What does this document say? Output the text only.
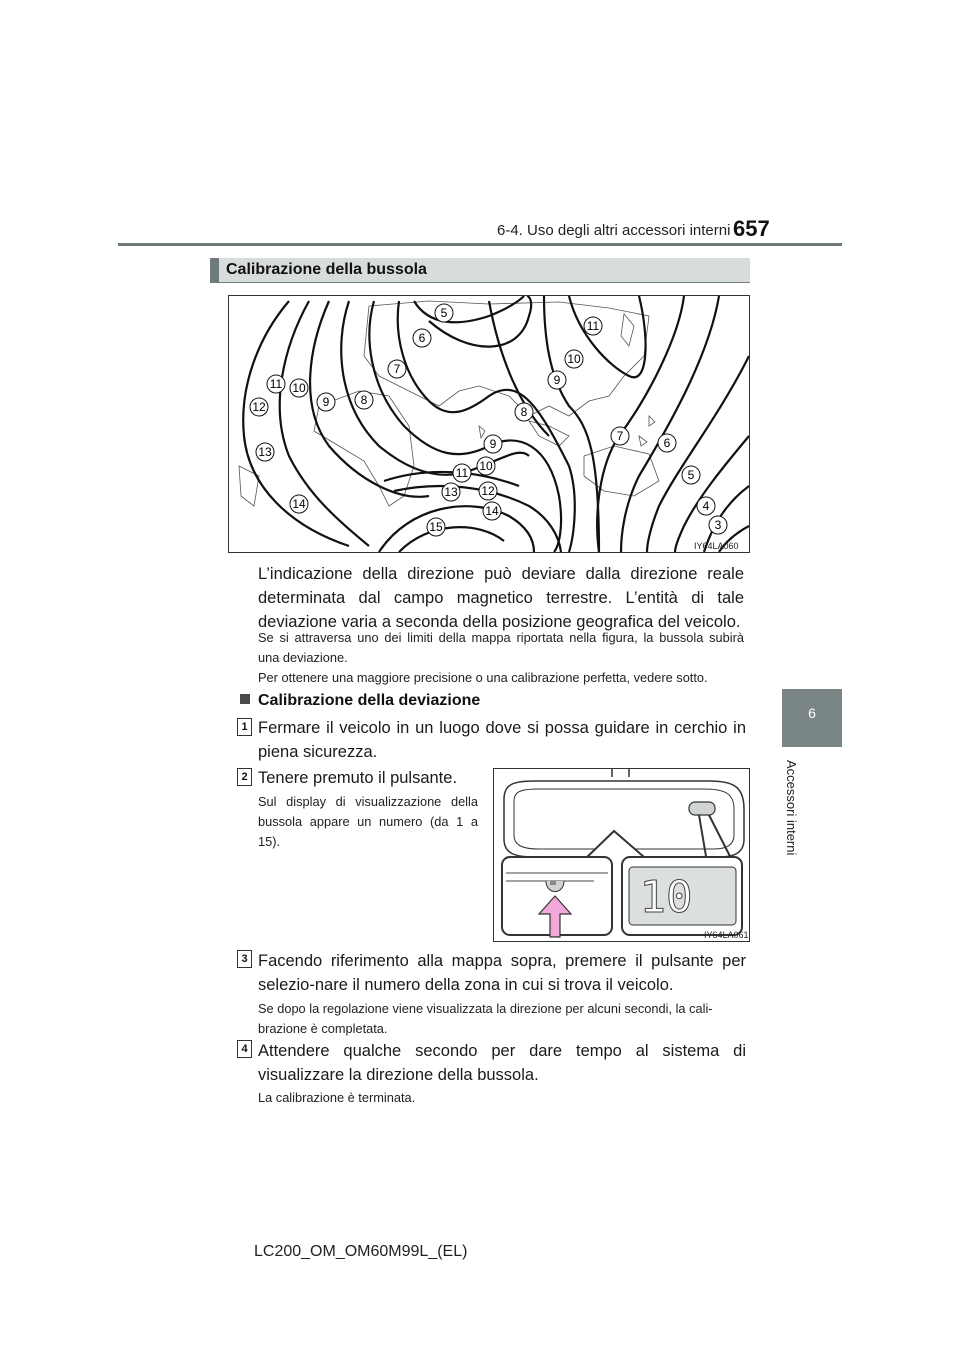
6-4. Uso degli altri accessori interni 657
6
Accessori interni
Calibrazione della bussola
5
6
11
10
7
9
11 10
12	9	8
8
7	6
9
13
10
11
12
13
5
14	14	4
15	3
IY64LA060
L’indicazione della direzione può deviare dalla direzione reale determinata dal campo magnetico terrestre. L’entità di tale deviazione varia a seconda della posizione geografica del veicolo.
Se si attraversa uno dei limiti della mappa riportata nella figura, la bussola subirà
una deviazione.
Per ottenere una maggiore precisione o una calibrazione perfetta, vedere sotto.
Calibrazione della deviazione
1 Fermare il veicolo in un luogo dove si possa guidare in cerchio in piena sicurezza.
2 Tenere premuto il pulsante.
Sul display di visualizzazione della bussola appare un numero (da 1 a 15).
10
IY64LA061
3 Facendo riferimento alla mappa sopra, premere il pulsante per selezio-nare il numero della zona in cui si trova il veicolo.
Se dopo la regolazione viene visualizzata la direzione per alcuni secondi, la cali-brazione è completata.
4 Attendere qualche secondo per dare tempo al sistema di visualizzare la direzione della bussola.
La calibrazione è terminata.
LC200_OM_OM60M99L_(EL)
